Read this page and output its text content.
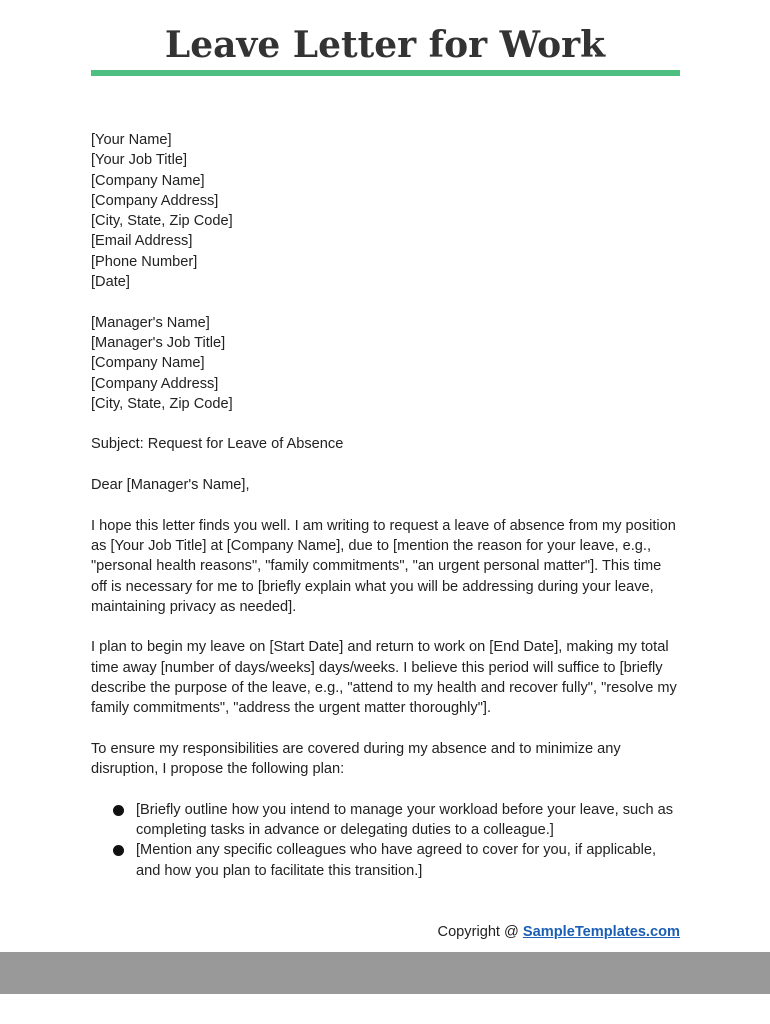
Leave Letter for Work
[Your Name]
[Your Job Title]
[Company Name]
[Company Address]
[City, State, Zip Code]
[Email Address]
[Phone Number]
[Date]
[Manager's Name]
[Manager's Job Title]
[Company Name]
[Company Address]
[City, State, Zip Code]

Subject: Request for Leave of Absence

Dear [Manager's Name],

I hope this letter finds you well. I am writing to request a leave of absence from my position as [Your Job Title] at [Company Name], due to [mention the reason for your leave, e.g., "personal health reasons", "family commitments", "an urgent personal matter"]. This time off is necessary for me to [briefly explain what you will be addressing during your leave, maintaining privacy as needed].

I plan to begin my leave on [Start Date] and return to work on [End Date], making my total time away [number of days/weeks] days/weeks. I believe this period will suffice to [briefly describe the purpose of the leave, e.g., "attend to my health and recover fully", "resolve my family commitments", "address the urgent matter thoroughly"].

To ensure my responsibilities are covered during my absence and to minimize any disruption, I propose the following plan:

[Briefly outline how you intend to manage your workload before your leave, such as completing tasks in advance or delegating duties to a colleague.]
[Mention any specific colleagues who have agreed to cover for you, if applicable, and how you plan to facilitate this transition.]
Copyright @ SampleTemplates.com
